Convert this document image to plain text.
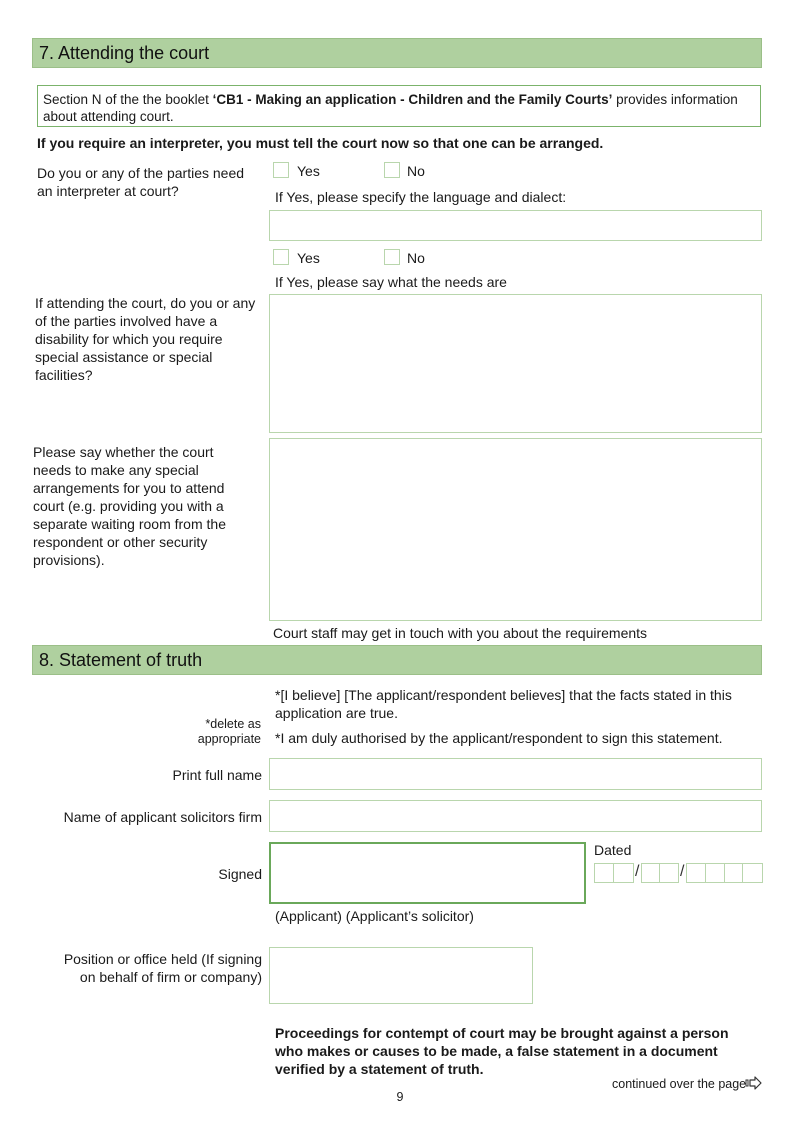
7. Attending the court
Section N of the the booklet ‘CB1 - Making an application - Children and the Family Courts’ provides information about attending court.
If you require an interpreter, you must tell the court now so that one can be arranged.
Do you or any of the parties need an interpreter at court?
Yes	No
If Yes, please specify the language and dialect:
Yes	No
If Yes, please say what the needs are
If attending the court, do you or any of the parties involved have a disability for which you require special assistance or special facilities?
Please say whether the court needs to make any special arrangements for you to attend court (e.g. providing you with a separate waiting room from the respondent or other security provisions).
Court staff may get in touch with you about the requirements
8. Statement of truth
*[I believe] [The applicant/respondent believes] that the facts stated in this application are true.
*delete as appropriate *I am duly authorised by the applicant/respondent to sign this statement.
Print full name
Name of applicant solicitors firm
Signed
Dated
/	/
(Applicant) (Applicant’s solicitor)
Position or office held (If signing on behalf of firm or company)
Proceedings for contempt of court may be brought against a person who makes or causes to be made, a false statement in a document verified by a statement of truth.
continued over the page
9
